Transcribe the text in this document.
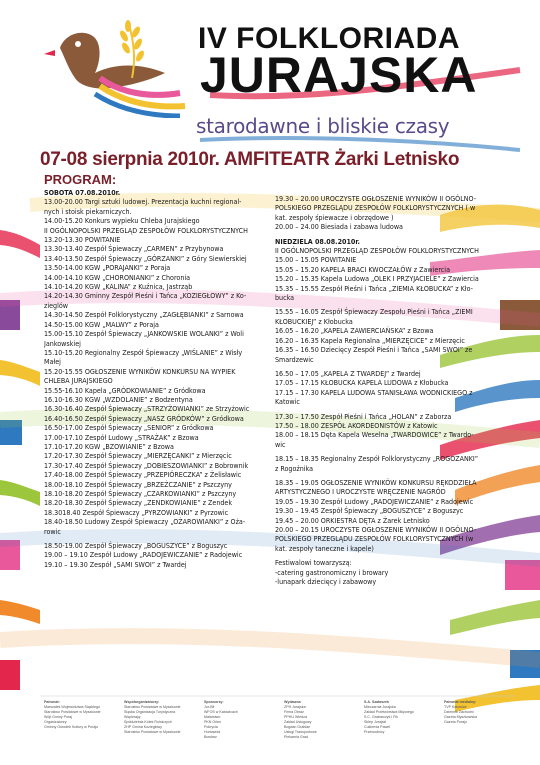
IV FOLKLORIADA
JURAJSKA
starodawne i bliskie czasy
07-08 sierpnia 2010r. AMFITEATR Żarki Letnisko
PROGRAM:
SOBOTA 07.08.2010r.
13.00-20.00 Targi sztuki ludowej. Prezentacja kuchni regional-
nych i stoisk piekarniczych.
14.00-15.20 Konkurs wypieku Chleba Jurajskiego
II OGÓLNOPOLSKI PRZEGLĄD ZESPOŁÓW FOLKLORYSTYCZNYCH
13.20-13.30 POWITANIE
13.30-13.40 Zespół Śpiewaczy „CARMEN” z Przybynowa
13.40-13.50 Zespół Śpiewaczy „GÓRZANKI” z Góry Siewierskiej
13.50-14.00 KGW „PORAJANKI” z Poraja
14.00-14.10 KGW „CHORONIANKI” z Choronia
14.10-14.20 KGW „KALINA” z Kuźnica, Jastrząb
14.20-14.30 Gminny Zespół Pieśni i Tańca „KOZIEGŁOWY” z Ko-
zieglów
14.30-14.50 Zespół Folklorystyczny „ZAGŁĘBIANKI” z Sarnowa
14.50-15.00 KGW „MALWY” z Poraja
15.00-15.10 Zespół Śpiewaczy „JANKOWSKIE WOLANKI” z Woli
Jankowskiej
15.10-15.20 Regionalny Zespół Śpiewaczy „WIŚLANIE” z Wisły
Małej
15.20-15.55 OGŁOSZENIE WYNIKÓW KONKURSU NA WYPIEK
CHLEBA JURAJSKIEGO
15.55-16.10 Kapela „GRÓDKOWIANIE” z Gródkowa
16.10-16.30 KGW „WZDOLANIE” z Bodzentyna
16.30-16.40 Zespół Śpiewaczy „STRZYŻOWIANKI” ze Strzyżowic
16.40-16.50 Zespół Śpiewaczy „NASZ GRÓDKÓW” z Gródkowa
16.50-17.00 Zespół Śpiewaczy „SENIOR” z Gródkowa
17.00-17.10 Zespół Ludowy „STRAŻAK” z Bzowa
17.10-17.20 KGW „BZOWIANIE” z Bzowa
17.20-17.30 Zespół Śpiewaczy „MIERZĘCANKI” z Mierzęcic
17.30-17.40 Zespół Śpiewaczy „DOBIESZOWIANKI” z Bobrownik
17.40-18.00 Zespół Śpiewaczy „PRZEPIÓRECZKA” z Żelisławic
18.00-18.10 Zespół Śpiewaczy „BRZEŹCZANIE” z Pszczyny
18.10-18.20 Zespół Śpiewaczy „CZARKOWIANKI” z Pszczyny
18.20-18.30 Zespół Śpiewaczy „ZENDKOWIANIE” z Zendek
18.3018.40 Zespół Śpiewaczy „PYRZOWIANKI” z Pyrzowic
18.40-18.50 Ludowy Zespół Śpiewaczy „OŻAROWIANKI” z Oża-
rowic
18.50-19.00 Zespół Śpiewaczy „BOGUSZYCE” z Boguszyc
19.00 – 19.10 Zespół Ludowy „RADOJEWICZANIE” z Radojewic
19.10 – 19.30 Zespół „SAMI SWOI” z Twardej
19.30 – 20.00 UROCZYSTE OGŁOSZENIE WYNIKÓW II OGÓLNO-
POLSKIEGO PRZEGLĄDU ZESPOŁÓW FOLKLORYSTYCZNYCH ( w
kat. zespoły śpiewacze i obrzędowe )
20.00 – 24.00 Biesiada i zabawa ludowa
NIEDZIELA 08.08.2010r.
II OGÓLNOPOLSKI PRZEGLĄD ZESPOŁÓW FOLKLORYSTYCZNYCH
15.00 – 15.05 POWITANIE
15.05 – 15.20 KAPELA BRACI KWOCZAŁÓW z Zawiercia
15.20 – 15.35 Kapela Ludowa „OLEK I PRZYJACIELE” z Zawiercia
15.35 – 15.55 Zespół Pieśni i Tańca „ZIEMIA KŁOBUCKA” z Kło-
bucka
15.55 – 16.05 Zespół Śpiewaczy Zespołu Pieśni i Tańca „ZIEMI
KŁOBUCKIEJ” z Kłobucka
16.05 – 16.20 „KAPELA ZAWIERCIAŃSKA” z Bzowa
16.20 – 16.35 Kapela Regionalna „MIERZĘCICE” z Mierzęcic
16.35 – 16.50 Dziecięcy Zespół Pieśni i Tańca „SAMI SWOI” ze
Smardzewic
16.50 – 17.05 „KAPELA Z TWARDEJ” z Twardej
17.05 – 17.15 KŁOBUCKA KAPELA LUDOWA z Kłobucka
17.15 – 17.30 KAPELA LUDOWA STANISŁAWA WODNICKIEGO z
Katowic
17.30 – 17.50 Zespół Pieśni i Tańca „HOLAN” z Zaborza
17.50 – 18.00 ZESPÓŁ AKORDEONISTÓW z Katowic
18.00 – 18.15 Dęta Kapela Weselna „TWARDOWICE” z Twardo-
wic
18.15 – 18.35 Regionalny Zespół Folklorystyczny „ROGOZANKI”
z Rogoźnika
18.35 – 19.05 OGŁOSZENIE WYNIKÓW KONKURSU RĘKODZIEŁA
ARTYSTYCZNEGO I UROCZYSTE WRĘCZENIE NAGRÓD
19.05 – 19.30 Zespół Ludowy „RADOJEWICZANIE” z Radojewic
19.30 – 19.45 Zespół Śpiewaczy „BOGUSZYCE” z Boguszyc
19.45 – 20.00 ORKIESTRA DĘTA z Żarek Letnisko
20.00 – 20.15 UROCZYSTE OGŁOSZENIE WYNIKÓW II OGÓLNO-
POLSKIEGO PRZEGLĄDU ZESPOŁÓW FOLKLORYSTYCZNYCH (w
kat. zespoły taneczne i kapele)
Festiwalowi towarzyszą:
-catering gastronomiczny i browary
-lunapark dziecięcy i zabawowy
Patronat:
Marszałek Województwa Śląskiego
Starostwo Powiatowe w Myszkowie
Wójt Gminy Poraj
Organizatorzy:
Gminny Ośrodek Kultury w Poraju
Współorganizatorzy:
Starostwo Powiatowe w Myszkowie
Śląska Organizacja Turystyczna
Wspierają:
Spółdzielnia Kółek Rolniczych
ZHP Gmina Koziegłowy
Starostwo Powiatowe w Myszkowie
Sponsorzy:
Jur-Bit
WFOŚ w Katowicach
Malarstwo
PKN Orlen
Pokrycia
Hurtownia
Bowiarz
Wydawca:
ZPH Jurajska
Firma Obraz
PPHU Wiedza
Zakład Usługowy
Bogdan Grabian
Usługi Transportowe
Piekarnia Grad
S.A. Szałaszek
Mleczarnia Jurajska
Zakład Przetwórstwa Mięsnego
S.C. Grabarczyk i Fik
Sklep Jurajski
Cukiernia Paweł
Przewodnicy
Patronat medialny:
TVP Katowice
Dziennik Zachodni
Gazeta Myszkowska
Gazeta Poraju
